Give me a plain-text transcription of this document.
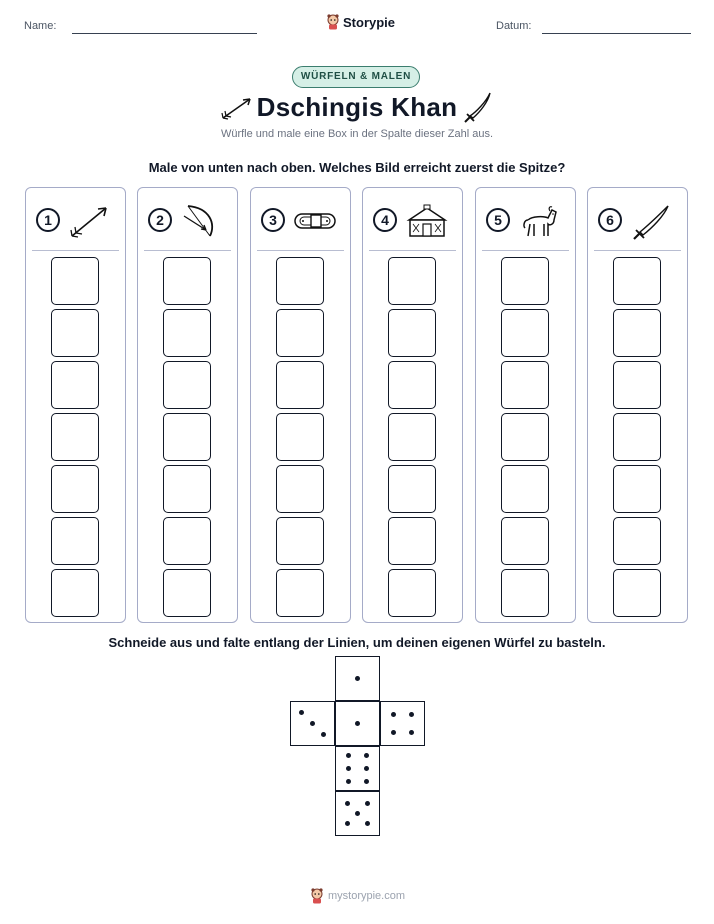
Name:	Storypie	Datum:
WÜRFELN & MALEN
Dschingis Khan
Würfle und male eine Box in der Spalte dieser Zahl aus.
Male von unten nach oben. Welches Bild erreicht zuerst die Spitze?
1	2	3	4	5	6
Schneide aus und falte entlang der Linien, um deinen eigenen Würfel zu basteln.
mystorypie.com
